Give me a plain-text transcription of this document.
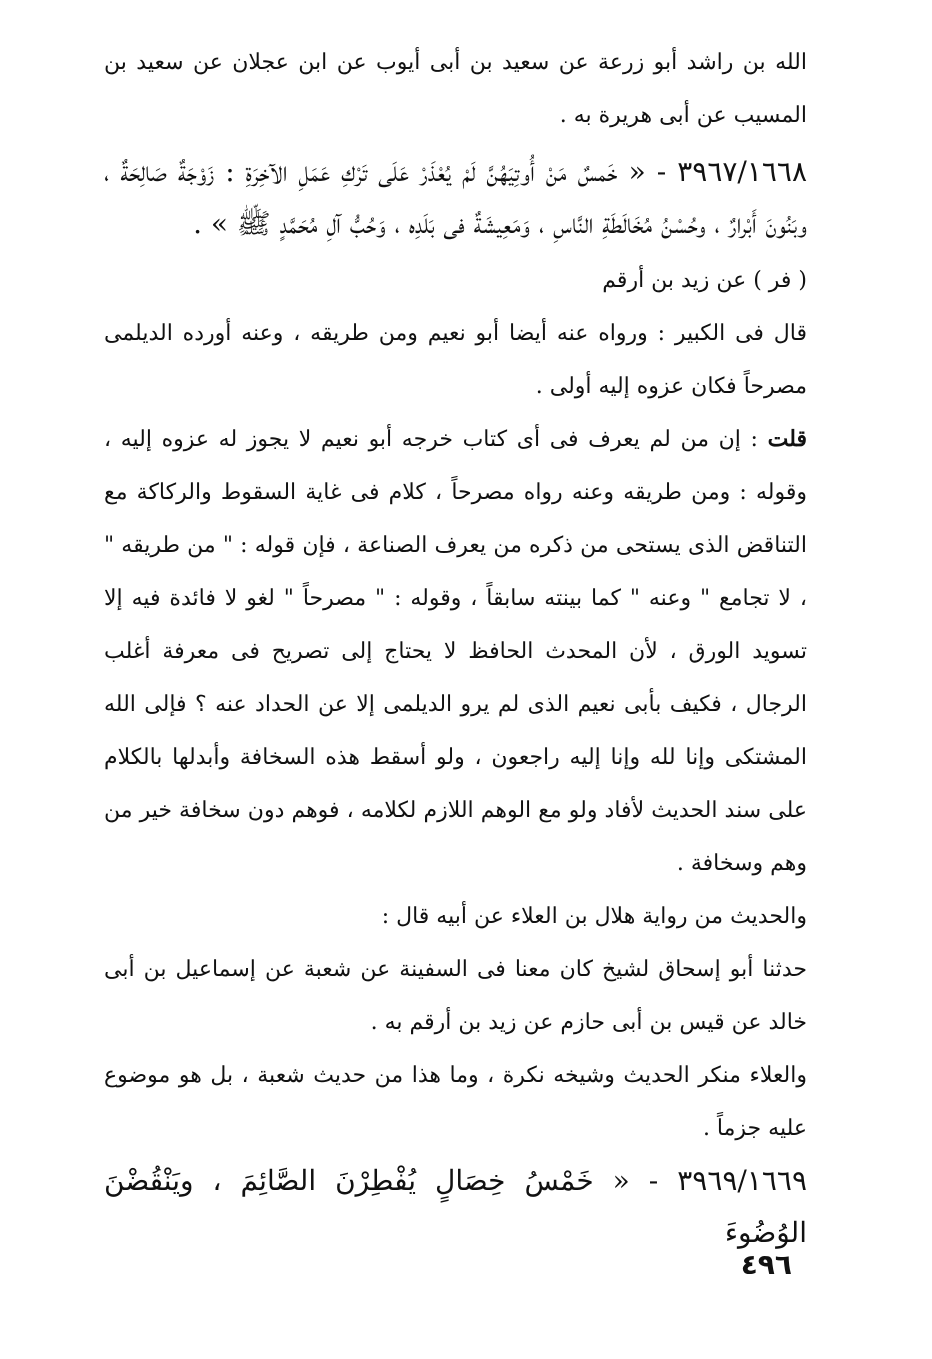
الله بن راشد أبو زرعة عن سعيد بن أبى أيوب عن ابن عجلان عن سعيد بن المسيب عن أبى هريرة به .

٣٩٦٧/١٦٦٨ - « خَمسٌ مَنْ أُوتِيَهُنَّ لَمْ يُعْذَرْ عَلَى تَرْكِ عَمَلِ الآخِرَةِ : زَوْجَةٌ صَالِحَةٌ ، وبَنُونَ أَبْرارٌ ، وحُسْنُ مُخَالَطَةِ النَّاسِ ، وَمَعِيشَةٌ فى بَلَدِه ، وَحُبُّ آلِ مُحَمَّدٍ ﷺ » .

( فر ) عن زيد بن أرقم

قال فى الكبير : ورواه عنه أيضا أبو نعيم ومن طريقه ، وعنه أورده الديلمى مصرحاً فكان عزوه إليه أولى .

قلت : إن من لم يعرف فى أى كتاب خرجه أبو نعيم لا يجوز له عزوه إليه ، وقوله : ومن طريقه وعنه رواه مصرحاً ، كلام فى غاية السقوط والركاكة مع التناقض الذى يستحى من ذكره من يعرف الصناعة ، فإن قوله : " من طريقه " ، لا تجامع " وعنه " كما بينته سابقاً ، وقوله : " مصرحاً " لغو لا فائدة فيه إلا تسويد الورق ، لأن المحدث الحافظ لا يحتاج إلى تصريح فى معرفة أغلب الرجال ، فكيف بأبى نعيم الذى لم يرو الديلمى إلا عن الحداد عنه ؟ فإلى الله المشتكى وإنا لله وإنا إليه راجعون ، ولو أسقط هذه السخافة وأبدلها بالكلام على سند الحديث لأفاد ولو مع الوهم اللازم لكلامه ، فوهم دون سخافة خير من وهم وسخافة .

والحديث من رواية هلال بن العلاء عن أبيه قال :

حدثنا أبو إسحاق لشيخ كان معنا فى السفينة عن شعبة عن إسماعيل بن أبى خالد عن قيس بن أبى حازم عن زيد بن أرقم به .

والعلاء منكر الحديث وشيخه نكرة ، وما هذا من حديث شعبة ، بل هو موضوع عليه جزماً .

٣٩٦٩/١٦٦٩ - « خَمْسُ خِصَالٍ يُفْطِرْنَ الصَّائِمَ ، ويَنْقُضْنَ الوُضُوءَ

٤٩٦
